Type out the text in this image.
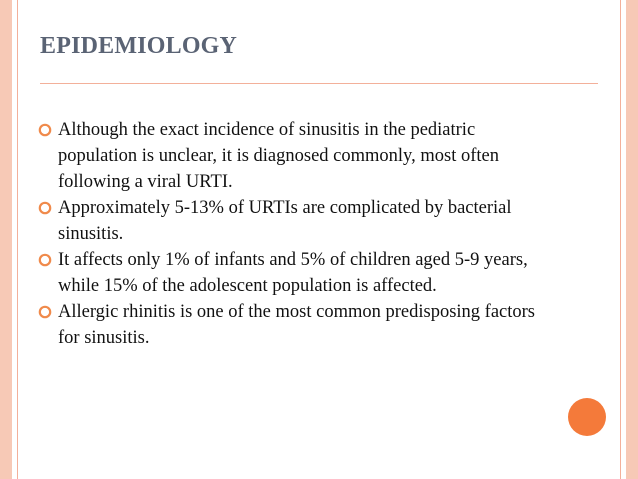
EPIDEMIOLOGY
Although the exact incidence of sinusitis in the pediatric population is unclear, it is diagnosed commonly, most often following a viral URTI.
Approximately 5-13% of URTIs are complicated by bacterial sinusitis.
It affects only 1% of infants and 5% of children aged 5-9 years, while 15% of the adolescent population is affected.
Allergic rhinitis is one of the most common predisposing factors for sinusitis.
